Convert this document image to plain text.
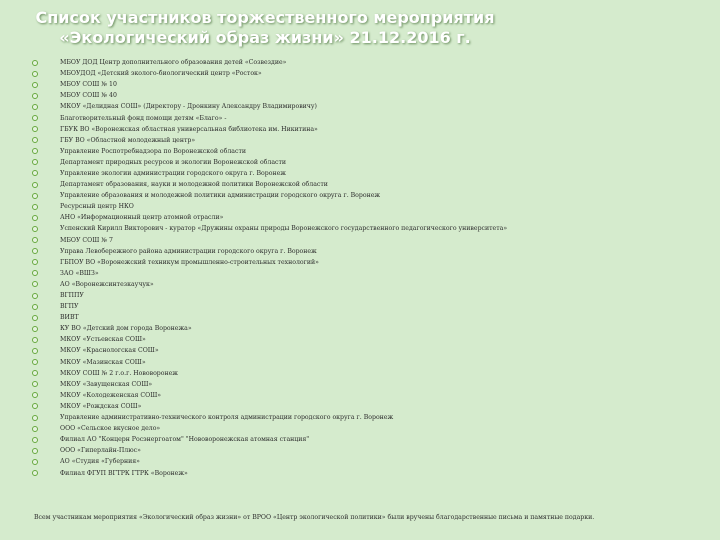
Список участников торжественного мероприятия
«Экологический образ жизни» 21.12.2016 г.
МБОУ ДОД Центр дополнительного образования детей «Созвездие»
МБОУДОД «Детский эколого-биологический центр «Росток»
МБОУ СОШ № 10
МБОУ СОШ № 40
МКОУ «Делидная СОШ» (Директору - Дронкину Александру Владимировичу)
Благотворительный фонд помощи детям «Благо» -
ГБУК ВО «Воронежская областная универсальная библиотека им. Никитина»
ГБУ ВО «Областной молодежный центр»
Управление Роспотребнадзора по Воронежской области
Департамент природных ресурсов и экологии Воронежской области
Управление экологии администрации городского округа г. Воронеж
Департамент образования, науки и молодежной политики Воронежской области
Управление образования и молодежной политики администрации городского округа г. Воронеж
Ресурсный центр НКО
АНО «Информационный центр атомной отрасли»
Успенский Кирилл Викторович - куратор «Дружины охраны природы Воронежского государственного педагогического университета»
МБОУ СОШ № 7
Управа Левобережного района администрации городского округа г. Воронеж
ГБПОУ ВО «Воронежский техникум промышленно-строительных технологий»
ЗАО «ВШЗ»
АО «Воронежсинтезкаучук»
ВГППУ
ВГПУ
ВИВТ
КУ ВО «Детский дом города Воронежа»
МКОУ «Устьевская СОШ»
МКОУ «Краснологская СОШ»
МКОУ «Мазинская СОШ»
МКОУ СОШ № 2 г.о.г. Нововоронеж
МКОУ «Завущенская СОШ»
МКОУ «Колодеженская СОШ»
МКОУ «Рождская СОШ»
Управление административно-технического контроля администрации городского округа г. Воронеж
ООО «Сельское вкусное дело»
Филиал АО "Концерн Росэнергоатом" "Нововоронежская атомная станция"
ООО «Гиперлайн-Плюс»
АО «Студия «Губерния»
Филиал ФГУП ВГТРК ГТРК «Воронеж»
Всем участникам мероприятия «Экологический образ жизни» от ВРОО «Центр экологической политики» были вручены благодарственные письма и памятные подарки.
